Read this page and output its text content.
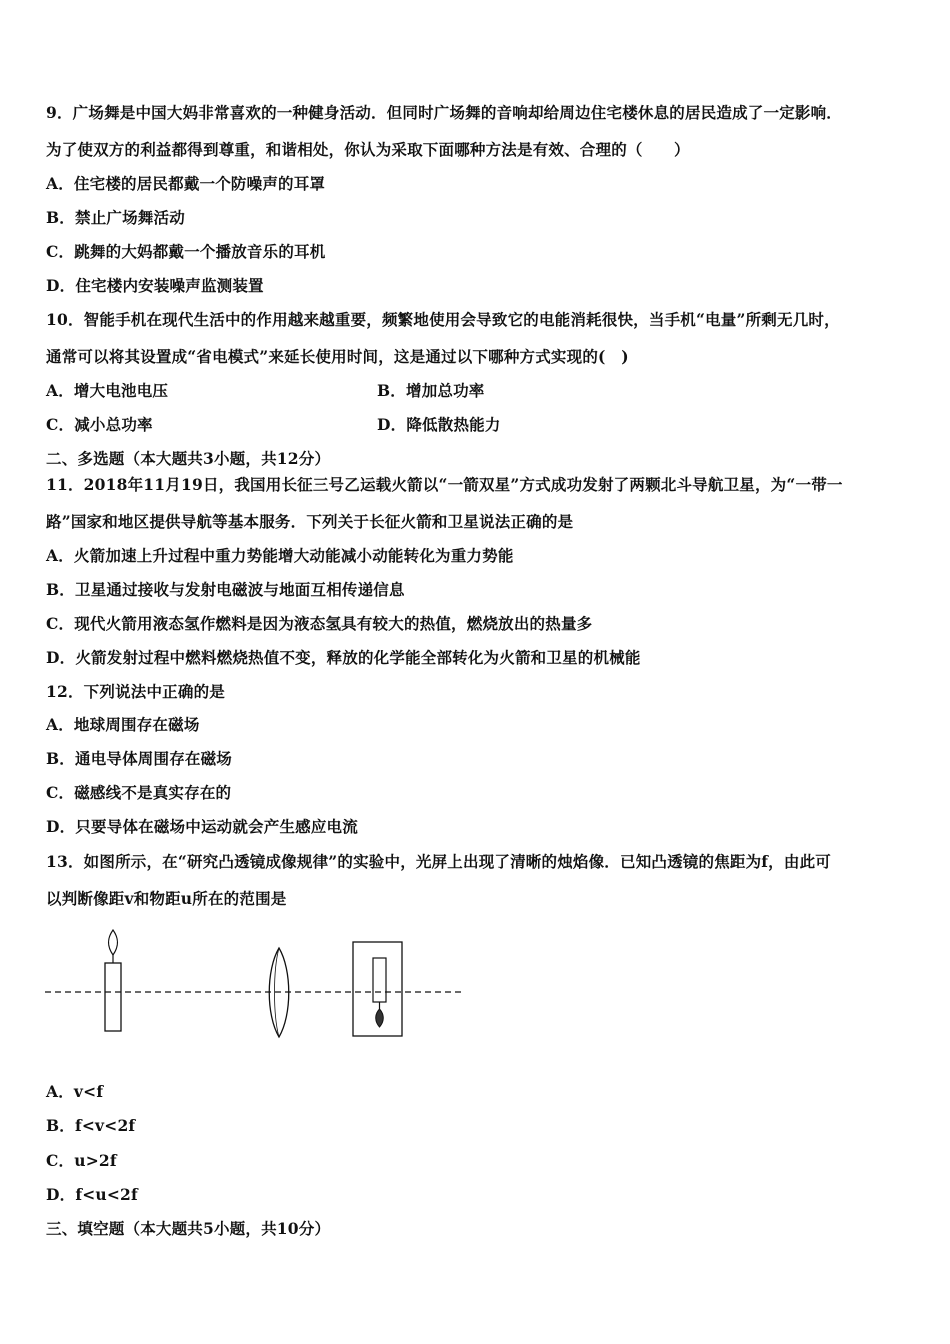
9．广场舞是中国大妈非常喜欢的一种健身活动．但同时广场舞的音响却给周边住宅楼休息的居民造成了一定影响．
为了使双方的利益都得到尊重，和谐相处，你认为采取下面哪种方法是有效、合理的（　　）
A．住宅楼的居民都戴一个防噪声的耳罩
B．禁止广场舞活动
C．跳舞的大妈都戴一个播放音乐的耳机
D．住宅楼内安装噪声监测装置
10．智能手机在现代生活中的作用越来越重要，频繁地使用会导致它的电能消耗很快，当手机“电量”所剩无几时，
通常可以将其设置成“省电模式”来延长使用时间，这是通过以下哪种方式实现的(　)
A．增大电池电压	B．增加总功率
C．减小总功率	D．降低散热能力
二、多选题（本大题共3小题，共12分）
11．2018年11月19日，我国用长征三号乙运载火箭以“一箭双星”方式成功发射了两颗北斗导航卫星，为“一带一
路”国家和地区提供导航等基本服务．下列关于长征火箭和卫星说法正确的是
A．火箭加速上升过程中重力势能增大动能减小动能转化为重力势能
B．卫星通过接收与发射电磁波与地面互相传递信息
C．现代火箭用液态氢作燃料是因为液态氢具有较大的热值，燃烧放出的热量多
D．火箭发射过程中燃料燃烧热值不变，释放的化学能全部转化为火箭和卫星的机械能
12．下列说法中正确的是
A．地球周围存在磁场
B．通电导体周围存在磁场
C．磁感线不是真实存在的
D．只要导体在磁场中运动就会产生感应电流
13．如图所示，在“研究凸透镜成像规律”的实验中，光屏上出现了清晰的烛焰像．已知凸透镜的焦距为f，由此可
以判断像距v和物距u所在的范围是
A．v<f
B．f<v<2f
C．u>2f
D．f<u<2f
三、填空题（本大题共5小题，共10分）
